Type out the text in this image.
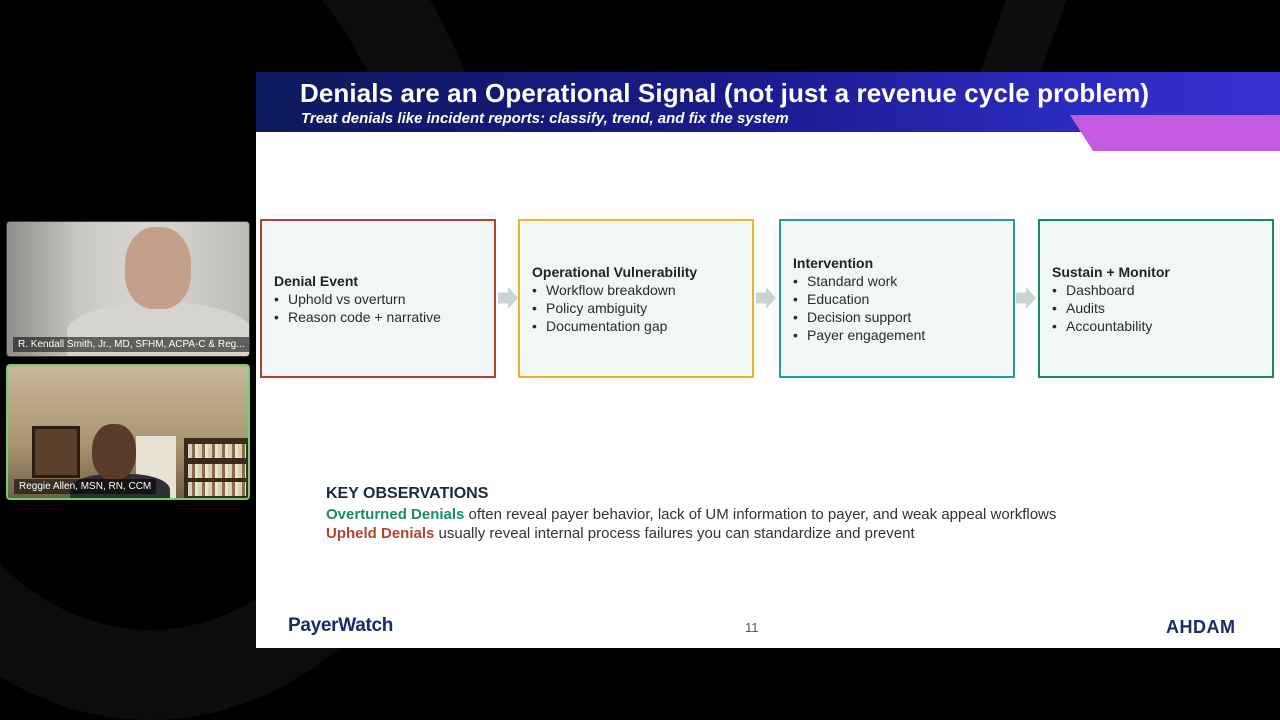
R. Kendall Smith, Jr., MD, SFHM, ACPA-C & Reg...
Reggie Allen, MSN, RN, CCM
Denials are an Operational Signal (not just a revenue cycle problem)
Treat denials like incident reports: classify, trend, and fix the system
Denial Event
• Uphold vs overturn
• Reason code + narrative
Operational Vulnerability
• Workflow breakdown
• Policy ambiguity
• Documentation gap
Intervention
• Standard work
• Education
• Decision support
• Payer engagement
Sustain + Monitor
• Dashboard
• Audits
• Accountability
KEY OBSERVATIONS
Overturned Denials often reveal payer behavior, lack of UM information to payer, and weak appeal workflows
Upheld Denials usually reveal internal process failures you can standardize and prevent
PayerWatch	11	AHDAM
